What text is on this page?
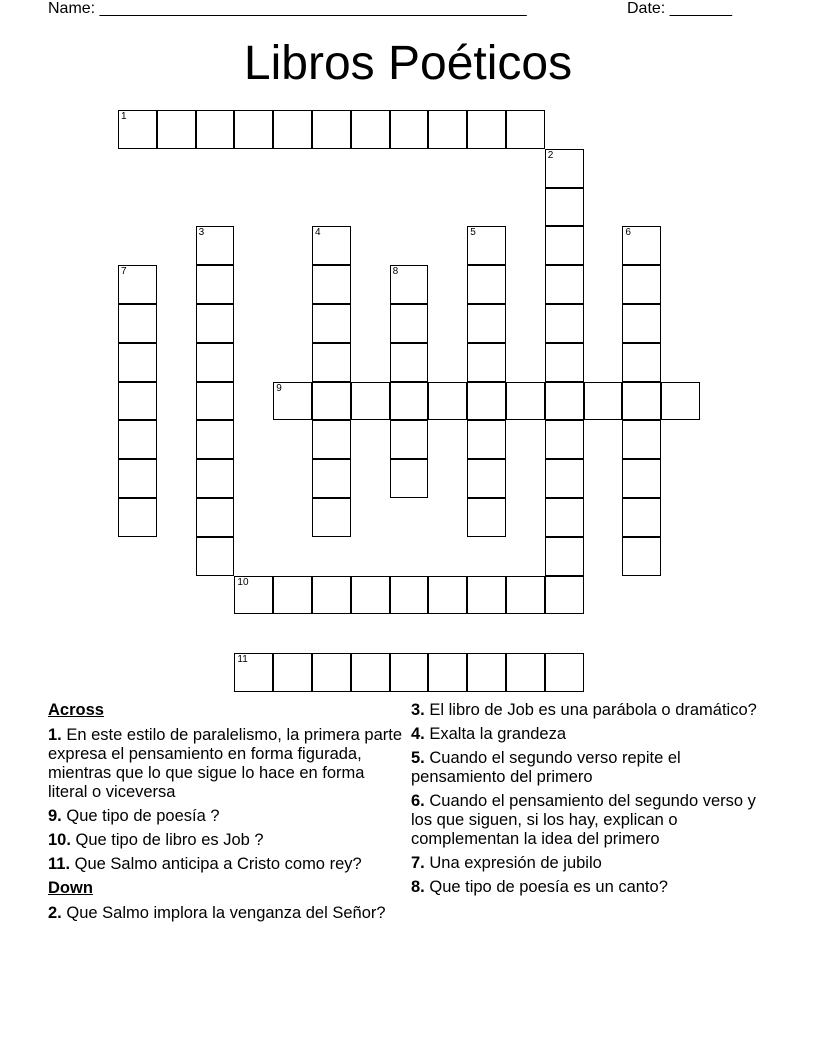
Name: ________________________________________________	Date: _______
Libros Poéticos
1
2
3	4	5	6
7	8
9
10
11
Across
1. En este estilo de paralelismo, la primera parte expresa el pensamiento en forma figurada, mientras que lo que sigue lo hace en forma literal o viceversa
9. Que tipo de poesía ?
10. Que tipo de libro es Job ?
11. Que Salmo anticipa a Cristo como rey?
Down
2. Que Salmo implora la venganza del Señor?
3. El libro de Job es una parábola o dramático?
4. Exalta la grandeza
5. Cuando el segundo verso repite el pensamiento del primero
6. Cuando el pensamiento del segundo verso y los que siguen, si los hay, explican o complementan la idea del primero
7. Una expresión de jubilo
8. Que tipo de poesía es un canto?
